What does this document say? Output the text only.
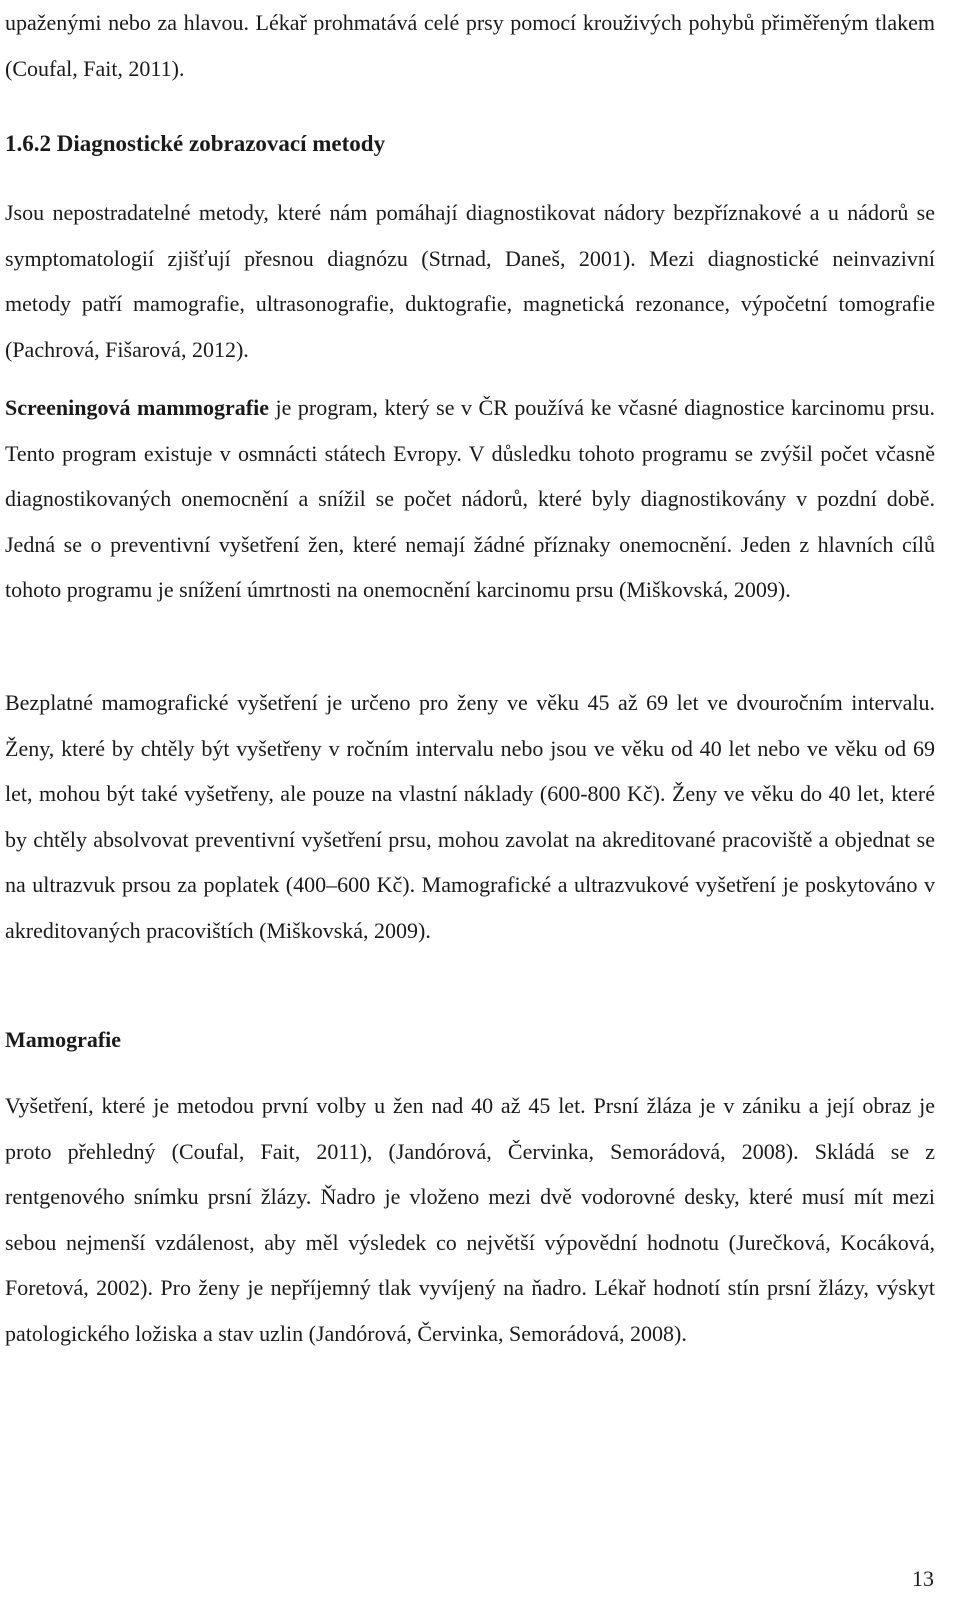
upaženými nebo za hlavou. Lékař prohmatává celé prsy pomocí krouživých pohybů přiměřeným tlakem (Coufal, Fait, 2011).

1.6.2 Diagnostické zobrazovací metody

Jsou nepostradatelné metody, které nám pomáhají diagnostikovat nádory bezpříznakové a u nádorů se symptomatologií zjišťují přesnou diagnózu (Strnad, Daneš, 2001). Mezi diagnostické neinvazivní metody patří mamografie, ultrasonografie, duktografie, magnetická rezonance, výpočetní tomografie (Pachrová, Fišarová, 2012).

Screeningová mammografie je program, který se v ČR používá ke včasné diagnostice karcinomu prsu. Tento program existuje v osmnácti státech Evropy. V důsledku tohoto programu se zvýšil počet včasně diagnostikovaných onemocnění a snížil se počet nádorů, které byly diagnostikovány v pozdní době. Jedná se o preventivní vyšetření žen, které nemají žádné příznaky onemocnění. Jeden z hlavních cílů tohoto programu je snížení úmrtnosti na onemocnění karcinomu prsu (Miškovská, 2009).

Bezplatné mamografické vyšetření je určeno pro ženy ve věku 45 až 69 let ve dvouročním intervalu. Ženy, které by chtěly být vyšetřeny v ročním intervalu nebo jsou ve věku od 40 let nebo ve věku od 69 let, mohou být také vyšetřeny, ale pouze na vlastní náklady (600-800 Kč). Ženy ve věku do 40 let, které by chtěly absolvovat preventivní vyšetření prsu, mohou zavolat na akreditované pracoviště a objednat se na ultrazvuk prsou za poplatek (400–600 Kč). Mamografické a ultrazvukové vyšetření je poskytováno v akreditovaných pracovištích (Miškovská, 2009).

Mamografie

Vyšetření, které je metodou první volby u žen nad 40 až 45 let. Prsní žláza je v zániku a její obraz je proto přehledný (Coufal, Fait, 2011), (Jandórová, Červinka, Semorádová, 2008). Skládá se z rentgenového snímku prsní žlázy. Ňadro je vloženo mezi dvě vodorovné desky, které musí mít mezi sebou nejmenší vzdálenost, aby měl výsledek co největší výpovědní hodnotu (Jurečková, Kocáková, Foretová, 2002). Pro ženy je nepříjemný tlak vyvíjený na ňadro. Lékař hodnotí stín prsní žlázy, výskyt patologického ložiska a stav uzlin (Jandórová, Červinka, Semorádová, 2008).

13
